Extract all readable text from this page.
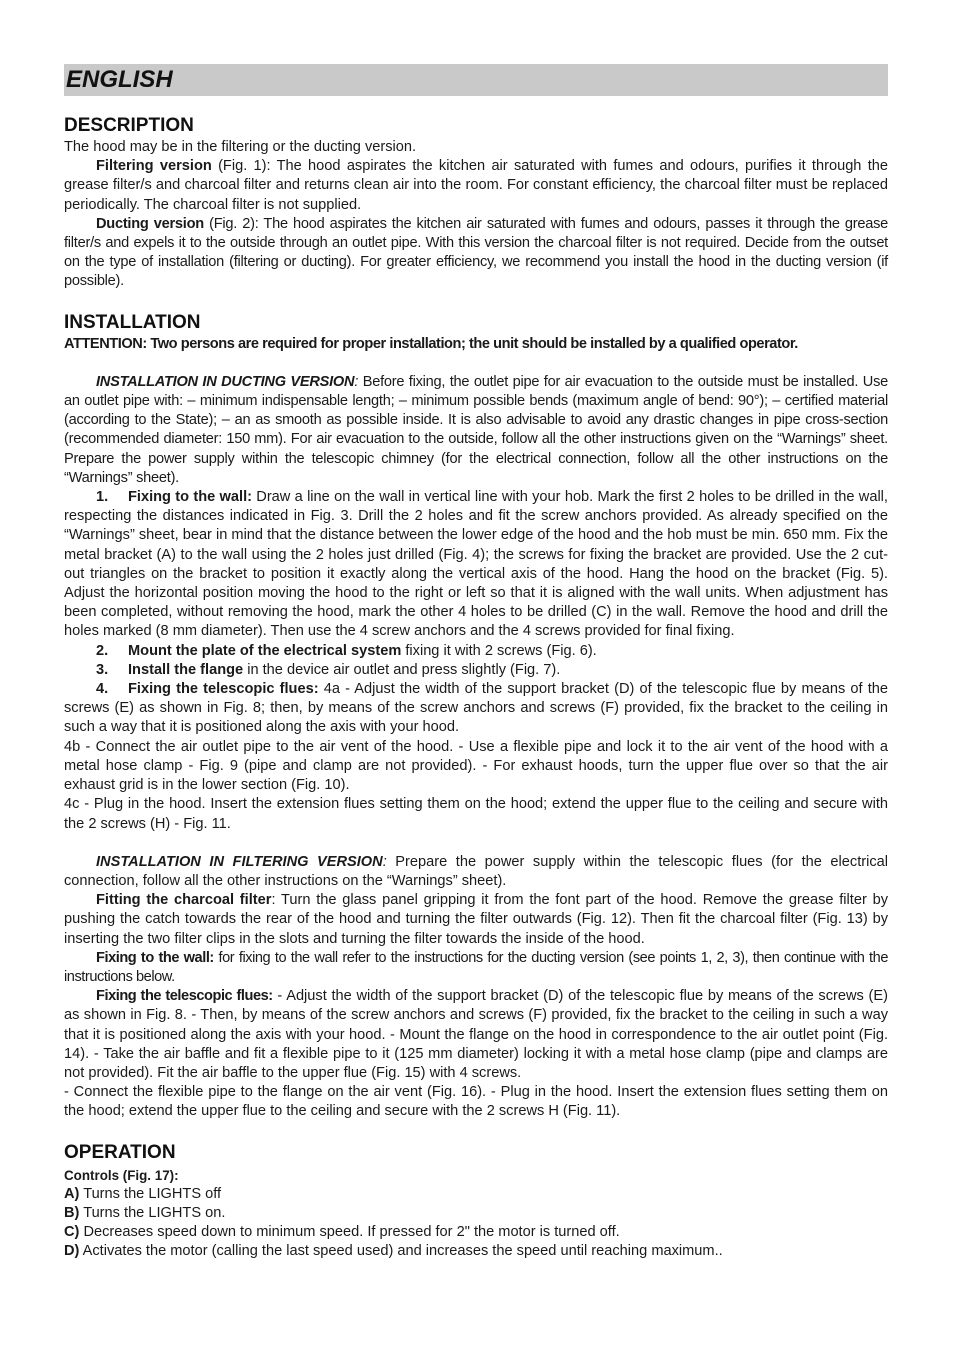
ENGLISH
DESCRIPTION

The hood may be in the filtering or the ducting version.

Filtering version (Fig. 1): The hood aspirates the kitchen air saturated with fumes and odours, purifies it through the grease filter/s and charcoal filter and returns clean air into the room. For constant efficiency, the charcoal filter must be replaced periodically. The charcoal filter is not supplied.

Ducting version (Fig. 2): The hood aspirates the kitchen air saturated with fumes and odours, passes it through the grease filter/s and expels it to the outside through an outlet pipe. With this version the charcoal filter is not required. Decide from the outset on the type of installation (filtering or ducting). For greater efficiency, we recommend you install the hood in the ducting version (if possible).

INSTALLATION

ATTENTION: Two persons are required for proper installation; the unit should be installed by a qualified operator.

INSTALLATION IN DUCTING VERSION: Before fixing, the outlet pipe for air evacuation to the outside must be installed. Use an outlet pipe with: – minimum indispensable length; – minimum possible bends (maximum angle of bend: 90°); – certified material (according to the State); – an as smooth as possible inside. It is also advisable to avoid any drastic changes in pipe cross-section (recommended diameter: 150 mm). For air evacuation to the outside, follow all the other instructions given on the “Warnings” sheet. Prepare the power supply within the telescopic chimney (for the electrical connection, follow all the other instructions on the “Warnings” sheet).

1. Fixing to the wall: Draw a line on the wall in vertical line with your hob. Mark the first 2 holes to be drilled in the wall, respecting the distances indicated in Fig. 3. Drill the 2 holes and fit the screw anchors provided. As already specified on the “Warnings” sheet, bear in mind that the distance between the lower edge of the hood and the hob must be min. 650 mm. Fix the metal bracket (A) to the wall using the 2 holes just drilled (Fig. 4); the screws for fixing the bracket are provided. Use the 2 cut-out triangles on the bracket to position it exactly along the vertical axis of the hood. Hang the hood on the bracket (Fig. 5). Adjust the horizontal position moving the hood to the right or left so that it is aligned with the wall units. When adjustment has been completed, without removing the hood, mark the other 4 holes to be drilled (C) in the wall. Remove the hood and drill the holes marked (8 mm diameter). Then use the 4 screw anchors and the 4 screws provided for final fixing.

2. Mount the plate of the electrical system fixing it with 2 screws (Fig. 6).

3. Install the flange in the device air outlet and press slightly (Fig. 7).

4. Fixing the telescopic flues: 4a - Adjust the width of the support bracket (D) of the telescopic flue by means of the screws (E) as shown in Fig. 8; then, by means of the screw anchors and screws (F) provided, fix the bracket to the ceiling in such a way that it is positioned along the axis with your hood.

4b - Connect the air outlet pipe to the air vent of the hood. - Use a flexible pipe and lock it to the air vent of the hood with a metal hose clamp - Fig. 9 (pipe and clamp are not provided). - For exhaust hoods, turn the upper flue over so that the air exhaust grid is in the lower section (Fig. 10).

4c - Plug in the hood. Insert the extension flues setting them on the hood; extend the upper flue to the ceiling and secure with the 2 screws (H) - Fig. 11.

INSTALLATION IN FILTERING VERSION: Prepare the power supply within the telescopic flues (for the electrical connection, follow all the other instructions on the “Warnings” sheet).

Fitting the charcoal filter: Turn the glass panel gripping it from the font part of the hood. Remove the grease filter by pushing the catch towards the rear of the hood and turning the filter outwards (Fig. 12). Then fit the charcoal filter (Fig. 13) by inserting the two filter clips in the slots and turning the filter towards the inside of the hood.

Fixing to the wall: for fixing to the wall refer to the instructions for the ducting version (see points 1, 2, 3), then continue with the instructions below.

Fixing the telescopic flues: - Adjust the width of the support bracket (D) of the telescopic flue by means of the screws (E) as shown in Fig. 8. - Then, by means of the screw anchors and screws (F) provided, fix the bracket to the ceiling in such a way that it is positioned along the axis with your hood. - Mount the flange on the hood in correspondence to the air outlet point (Fig. 14). - Take the air baffle and fit a flexible pipe to it (125 mm diameter) locking it with a metal hose clamp (pipe and clamps are not provided). Fit the air baffle to the upper flue (Fig. 15) with 4 screws.

- Connect the flexible pipe to the flange on the air vent (Fig. 16). - Plug in the hood. Insert the extension flues setting them on the hood; extend the upper flue to the ceiling and secure with the 2 screws H (Fig. 11).

OPERATION

Controls (Fig. 17):

A) Turns the LIGHTS off

B) Turns the LIGHTS on.

C) Decreases speed down to minimum speed. If pressed for 2" the motor is turned off.

D) Activates the motor (calling the last speed used) and increases the speed until reaching maximum..
